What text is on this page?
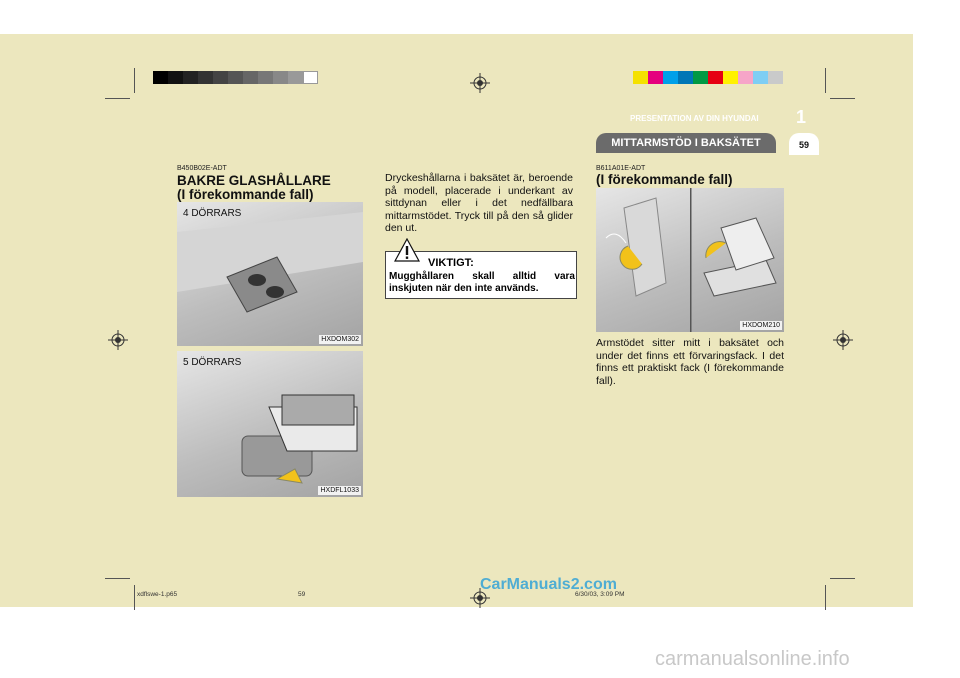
PRESENTATION AV DIN HYUNDAI 1
MITTARMSTÖD I BAKSÄTET	59
B450B02E-ADT
BAKRE GLASHÅLLARE
(I förekommande fall)
4 DÖRRARS
HXDOM302
5 DÖRRARS
HXDFL1033
Dryckeshållarna i baksätet är, beroende på modell, placerade i underkant av sittdynan eller i det nedfällbara mittarmstödet. Tryck till på den så glider den ut.
VIKTIGT:
Mugghållaren skall alltid vara inskjuten när den inte används.
B611A01E-ADT
(I förekommande fall)
HXDOM210
Armstödet sitter mitt i baksätet och under det finns ett förvaringsfack. I det finns ett praktiskt fack (I förekommande fall).
xdflswe-1.p65	59	6/30/03, 3:09 PM
CarManuals2.com
carmanualsonline.info
